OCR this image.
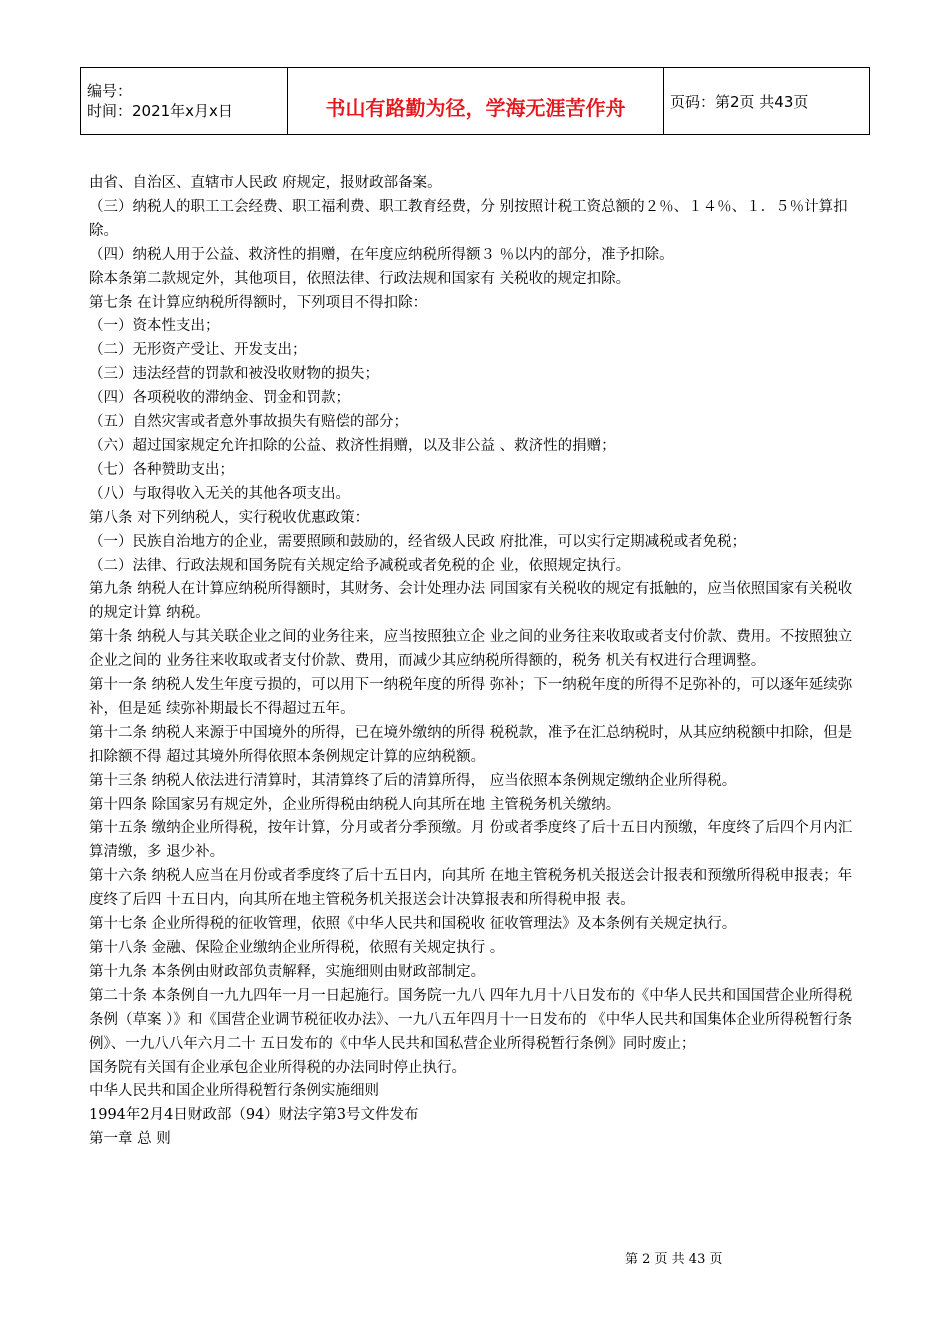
编号：
时间：2021年x月x日	书山有路勤为径，学海无涯苦作舟	页码：第2页 共43页

由省、自治区、直辖市人民政 府规定，报财政部备案。

（三）纳税人的职工工会经费、职工福利费、职工教育经费，分 别按照计税工资总额的２％、１４％、１．５％计算扣除。

（四）纳税人用于公益、救济性的捐赠，在年度应纳税所得额３ ％以内的部分，准予扣除。

除本条第二款规定外，其他项目，依照法律、行政法规和国家有 关税收的规定扣除。

第七条 在计算应纳税所得额时，下列项目不得扣除：

（一）资本性支出；

（二）无形资产受让、开发支出；

（三）违法经营的罚款和被没收财物的损失；

（四）各项税收的滞纳金、罚金和罚款；

（五）自然灾害或者意外事故损失有赔偿的部分；

（六）超过国家规定允许扣除的公益、救济性捐赠，以及非公益 、救济性的捐赠；

（七）各种赞助支出；

（八）与取得收入无关的其他各项支出。

第八条 对下列纳税人，实行税收优惠政策：

（一）民族自治地方的企业，需要照顾和鼓励的，经省级人民政 府批准，可以实行定期减税或者免税；

（二）法律、行政法规和国务院有关规定给予减税或者免税的企 业，依照规定执行。

第九条 纳税人在计算应纳税所得额时，其财务、会计处理办法 同国家有关税收的规定有抵触的，应当依照国家有关税收的规定计算 纳税。

第十条 纳税人与其关联企业之间的业务往来，应当按照独立企 业之间的业务往来收取或者支付价款、费用。不按照独立企业之间的 业务往来收取或者支付价款、费用，而减少其应纳税所得额的，税务 机关有权进行合理调整。

第十一条 纳税人发生年度亏损的，可以用下一纳税年度的所得 弥补；下一纳税年度的所得不足弥补的，可以逐年延续弥补，但是延 续弥补期最长不得超过五年。

第十二条 纳税人来源于中国境外的所得，已在境外缴纳的所得 税税款，准予在汇总纳税时，从其应纳税额中扣除，但是扣除额不得 超过其境外所得依照本条例规定计算的应纳税额。

第十三条 纳税人依法进行清算时，其清算终了后的清算所得， 应当依照本条例规定缴纳企业所得税。

第十四条 除国家另有规定外，企业所得税由纳税人向其所在地 主管税务机关缴纳。

第十五条 缴纳企业所得税，按年计算，分月或者分季预缴。月 份或者季度终了后十五日内预缴，年度终了后四个月内汇算清缴，多 退少补。

第十六条 纳税人应当在月份或者季度终了后十五日内，向其所 在地主管税务机关报送会计报表和预缴所得税申报表；年度终了后四 十五日内，向其所在地主管税务机关报送会计决算报表和所得税申报 表。

第十七条 企业所得税的征收管理，依照《中华人民共和国税收 征收管理法》及本条例有关规定执行。

第十八条 金融、保险企业缴纳企业所得税，依照有关规定执行 。

第十九条 本条例由财政部负责解释，实施细则由财政部制定。

第二十条 本条例自一九九四年一月一日起施行。国务院一九八 四年九月十八日发布的《中华人民共和国国营企业所得税条例（草案 ）》和《国营企业调节税征收办法》、一九八五年四月十一日发布的 《中华人民共和国集体企业所得税暂行条例》、一九八八年六月二十 五日发布的《中华人民共和国私营企业所得税暂行条例》同时废止；

国务院有关国有企业承包企业所得税的办法同时停止执行。

中华人民共和国企业所得税暂行条例实施细则

1994年2月4日财政部（94）财法字第3号文件发布

第一章 总 则

第 2 页 共 43 页
